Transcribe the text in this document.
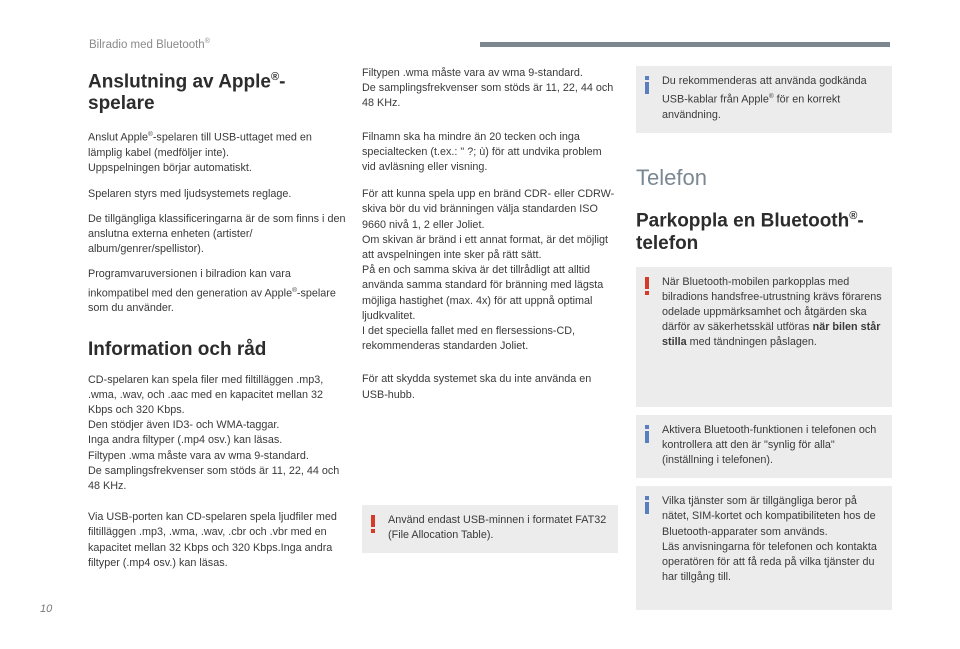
Bilradio med Bluetooth®
10
Anslutning av Apple®-
spelare

Anslut Apple®-spelaren till USB-uttaget med en lämplig kabel (medföljer inte).
Uppspelningen börjar automatiskt.

Spelaren styrs med ljudsystemets reglage.

De tillgängliga klassificeringarna är de som finns i den anslutna externa enheten (artister/ album/genrer/spellistor).

Programvaruversionen i bilradion kan vara inkompatibel med den generation av Apple®-spelare som du använder.

Information och råd

CD-spelaren kan spela filer med filtilläggen .mp3, .wma, .wav, och .aac med en kapacitet mellan 32 Kbps och 320 Kbps.
Den stödjer även ID3- och WMA-taggar.
Inga andra filtyper (.mp4 osv.) kan läsas.
Filtypen .wma måste vara av wma 9-standard.
De samplingsfrekvenser som stöds är 11, 22, 44 och 48 KHz.

Via USB-porten kan CD-spelaren spela ljudfiler med filtilläggen .mp3, .wma, .wav, .cbr och .vbr med en kapacitet mellan 32 Kbps och 320 Kbps.Inga andra filtyper (.mp4 osv.) kan läsas.

Filtypen .wma måste vara av wma 9-standard.
De samplingsfrekvenser som stöds är 11, 22, 44 och 48 KHz.

Filnamn ska ha mindre än 20 tecken och inga specialtecken (t.ex.: " ?; ù) för att undvika problem vid avläsning eller visning.

För att kunna spela upp en bränd CDR- eller CDRW-skiva bör du vid bränningen välja standarden ISO 9660 nivå 1, 2 eller Joliet.
Om skivan är bränd i ett annat format, är det möjligt att avspelningen inte sker på rätt sätt.
På en och samma skiva är det tillrådligt att alltid använda samma standard för bränning med lägsta möjliga hastighet (max. 4x) för att uppnå optimal ljudkvalitet.
I det speciella fallet med en flersessions-CD, rekommenderas standarden Joliet.

För att skydda systemet ska du inte använda en USB-hubb.

Använd endast USB-minnen i formatet FAT32 (File Allocation Table).

Du rekommenderas att använda godkända USB-kablar från Apple® för en korrekt användning.

Telefon
Parkoppla en Bluetooth®-
telefon

När Bluetooth-mobilen parkopplas med bilradions handsfree-utrustning krävs förarens odelade uppmärksamhet och åtgärden ska därför av säkerhetsskäl utföras när bilen står stilla med tändningen påslagen.

Aktivera Bluetooth-funktionen i telefonen och kontrollera att den är "synlig för alla" (inställning i telefonen).

Vilka tjänster som är tillgängliga beror på nätet, SIM-kortet och kompatibiliteten hos de Bluetooth-apparater som används.
Läs anvisningarna för telefonen och kontakta operatören för att få reda på vilka tjänster du har tillgång till.
